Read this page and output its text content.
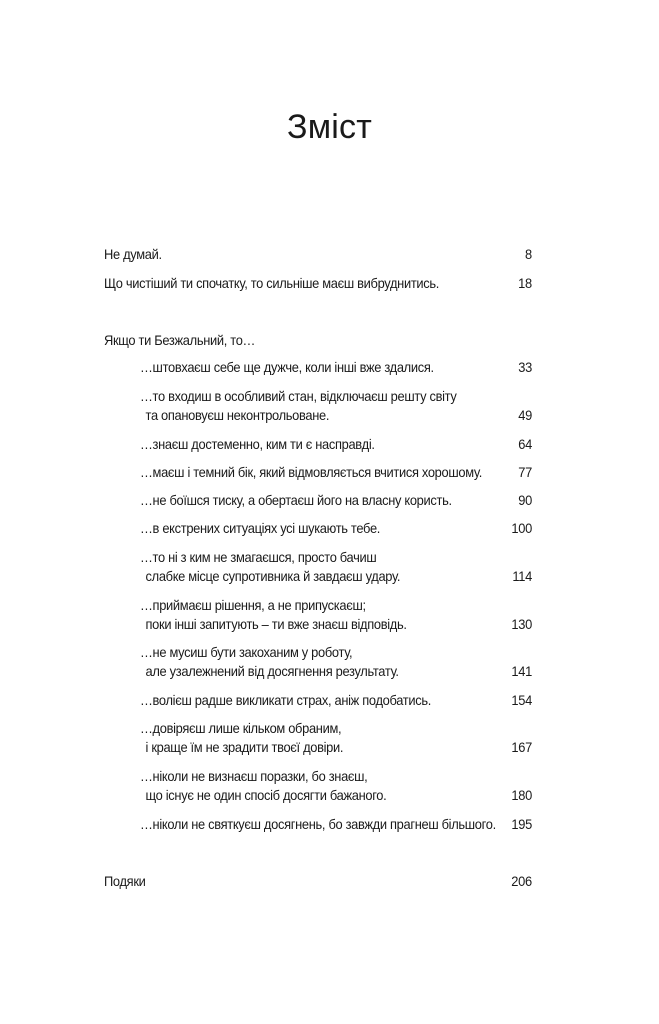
Зміст
Не думай.	8
Що чистіший ти спочатку, то сильніше маєш вибруднитись.	18
Якщо ти Безжальний, то…
…штовхаєш себе ще дужче, коли інші вже здалися.	33
…то входиш в особливий стан, відключаєш решту світу
та опановуєш неконтрольоване.	49
…знаєш достеменно, ким ти є насправді.	64
…маєш і темний бік, який відмовляється вчитися хорошому.	77
…не боїшся тиску, а обертаєш його на власну користь.	90
…в екстрених ситуаціях усі шукають тебе.	100
…то ні з ким не змагаєшся, просто бачиш
слабке місце супротивника й завдаєш удару.	114
…приймаєш рішення, а не припускаєш;
поки інші запитують – ти вже знаєш відповідь.	130
…не мусиш бути закоханим у роботу,
але узалежнений від досягнення результату.	141
…волієш радше викликати страх, аніж подобатись.	154
…довіряєш лише кільком обраним,
і краще їм не зрадити твоєї довіри.	167
…ніколи не визнаєш поразки, бо знаєш,
що існує не один спосіб досягти бажаного.	180
…ніколи не святкуєш досягнень, бо завжди прагнеш більшого.	195
Подяки	206
